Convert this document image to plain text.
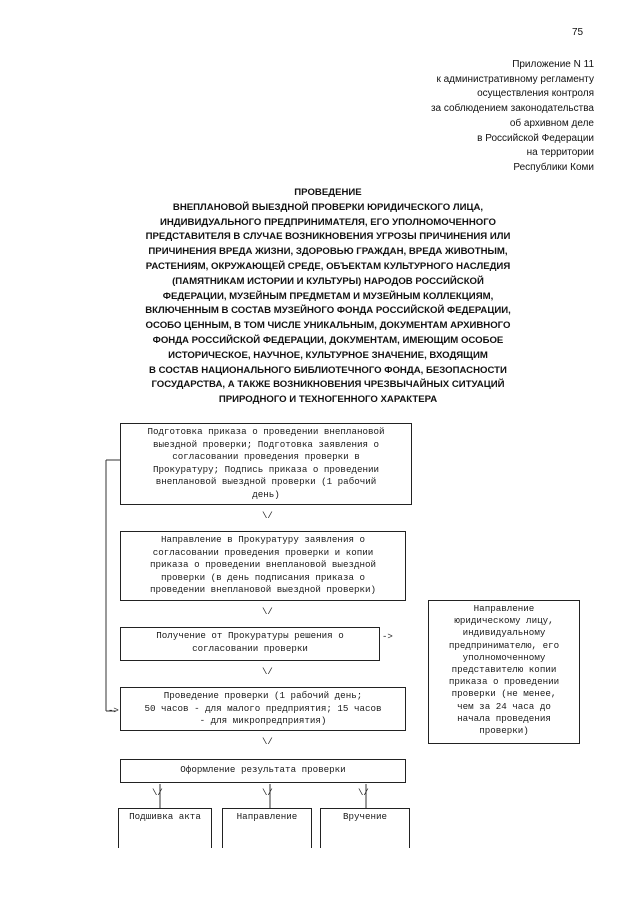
75
Приложение N 11
к административному регламенту
осуществления контроля
за соблюдением законодательства
об архивном деле
в Российской Федерации
на территории
Республики Коми
ПРОВЕДЕНИЕ
ВНЕПЛАНОВОЙ ВЫЕЗДНОЙ ПРОВЕРКИ ЮРИДИЧЕСКОГО ЛИЦА,
ИНДИВИДУАЛЬНОГО ПРЕДПРИНИМАТЕЛЯ, ЕГО УПОЛНОМОЧЕННОГО
ПРЕДСТАВИТЕЛЯ В СЛУЧАЕ ВОЗНИКНОВЕНИЯ УГРОЗЫ ПРИЧИНЕНИЯ ИЛИ
ПРИЧИНЕНИЯ ВРЕДА ЖИЗНИ, ЗДОРОВЬЮ ГРАЖДАН, ВРЕДА ЖИВОТНЫМ,
РАСТЕНИЯМ, ОКРУЖАЮЩЕЙ СРЕДЕ, ОБЪЕКТАМ КУЛЬТУРНОГО НАСЛЕДИЯ
(ПАМЯТНИКАМ ИСТОРИИ И КУЛЬТУРЫ) НАРОДОВ РОССИЙСКОЙ
ФЕДЕРАЦИИ, МУЗЕЙНЫМ ПРЕДМЕТАМ И МУЗЕЙНЫМ КОЛЛЕКЦИЯМ,
ВКЛЮЧЕННЫМ В СОСТАВ МУЗЕЙНОГО ФОНДА РОССИЙСКОЙ ФЕДЕРАЦИИ,
ОСОБО ЦЕННЫМ, В ТОМ ЧИСЛЕ УНИКАЛЬНЫМ, ДОКУМЕНТАМ АРХИВНОГО
ФОНДА РОССИЙСКОЙ ФЕДЕРАЦИИ, ДОКУМЕНТАМ, ИМЕЮЩИМ ОСОБОЕ
ИСТОРИЧЕСКОЕ, НАУЧНОЕ, КУЛЬТУРНОЕ ЗНАЧЕНИЕ, ВХОДЯЩИМ
В СОСТАВ НАЦИОНАЛЬНОГО БИБЛИОТЕЧНОГО ФОНДА, БЕЗОПАСНОСТИ
ГОСУДАРСТВА, А ТАКЖЕ ВОЗНИКНОВЕНИЯ ЧРЕЗВЫЧАЙНЫХ СИТУАЦИЙ
ПРИРОДНОГО И ТЕХНОГЕННОГО ХАРАКТЕРА
->
Подготовка приказа о проведении внеплановой
выездной проверки; Подготовка заявления о
согласовании проведения проверки в
Прокуратуру; Подпись приказа о проведении
внеплановой выездной проверки (1 рабочий
день)
\/
Направление в Прокуратуру заявления о
согласовании проведения проверки и копии
приказа о проведении внеплановой выездной
проверки (в день подписания приказа о
проведении внеплановой выездной проверки)
\/
Получение от Прокуратуры решения о
согласовании проверки
->
\/
Направление
юридическому лицу,
индивидуальному
предпринимателю, его
уполномоченному
представителю копии
приказа о проведении
проверки (не менее,
чем за 24 часа до
начала проведения
проверки)
Проведение проверки (1 рабочий день;
50 часов - для малого предприятия; 15 часов
- для микропредприятия)
\/
Оформление результата проверки
\/	\/	\/
Подшивка акта	Направление	Вручение
